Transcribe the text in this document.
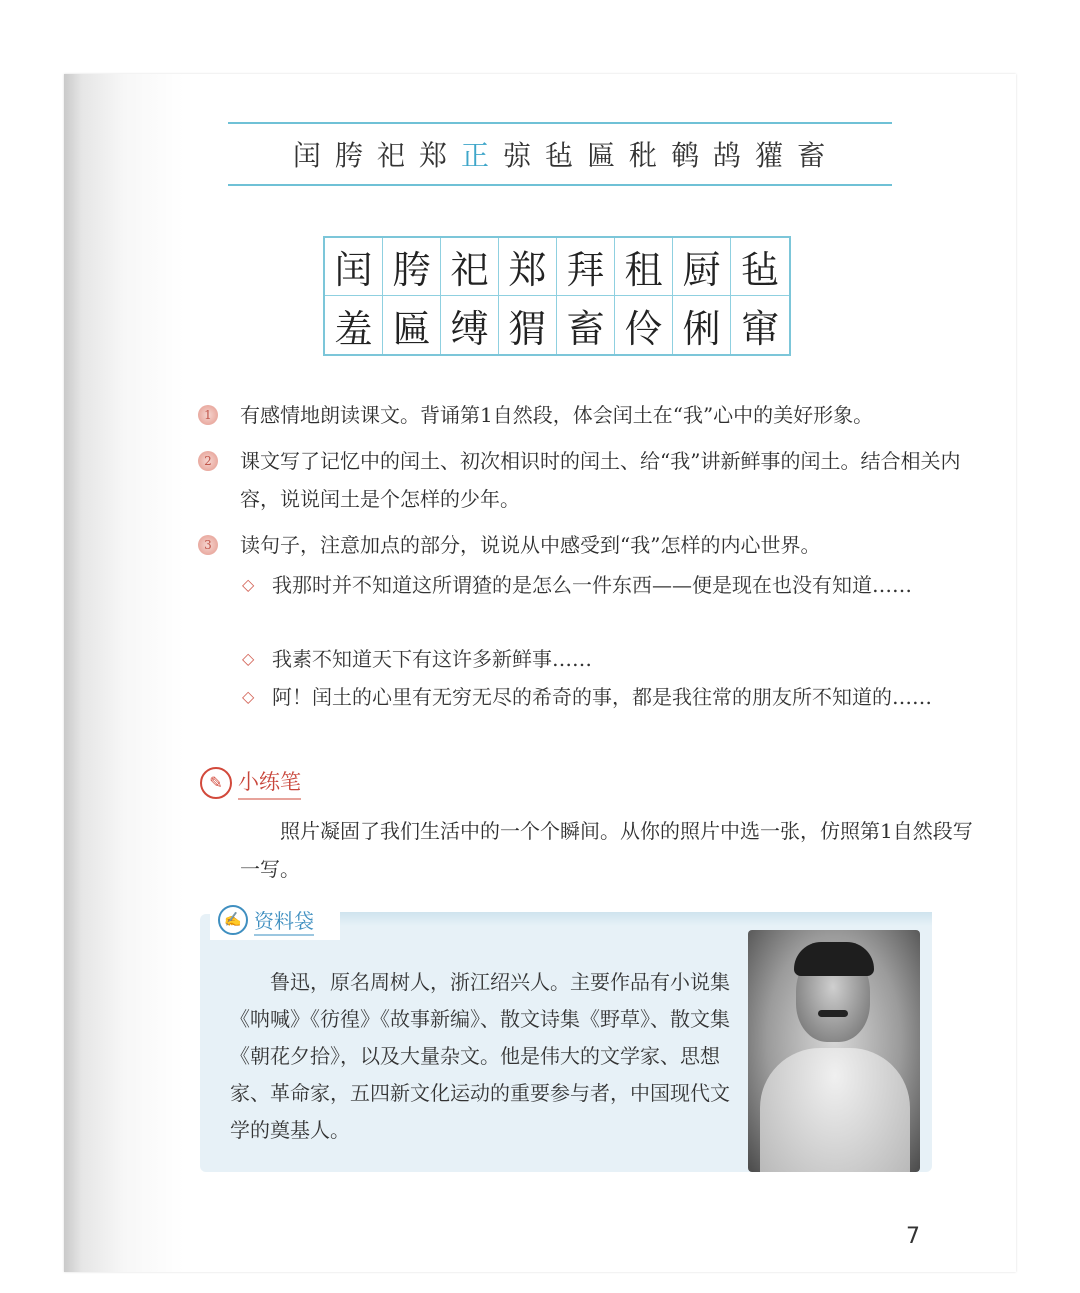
闰 胯 祀 郑 正 弶 毡 匾 秕 鹌 鸪 獾 畜
闰 胯 祀 郑 拜 租 厨 毡
羞 匾 缚 猬 畜 伶 俐 窜
1	有感情地朗读课文。背诵第1自然段，体会闰土在“我”心中的美好形象。
2	课文写了记忆中的闰土、初次相识时的闰土、给“我”讲新鲜事的闰土。结合相关内容，说说闰土是个怎样的少年。
3	读句子，注意加点的部分，说说从中感受到“我”怎样的内心世界。
◇ 我那时并不知道这所谓猹的是怎么一件东西——便是现在也没有知道……
◇ 我素不知道天下有这许多新鲜事……
◇ 阿！闰土的心里有无穷无尽的希奇的事，都是我往常的朋友所不知道的……
✎ 小练笔
照片凝固了我们生活中的一个个瞬间。从你的照片中选一张，仿照第1自然段写一写。
✍ 资料袋
鲁迅，原名周树人，浙江绍兴人。主要作品有小说集《呐喊》《彷徨》《故事新编》、散文诗集《野草》、散文集《朝花夕拾》，以及大量杂文。他是伟大的文学家、思想家、革命家，五四新文化运动的重要参与者，中国现代文学的奠基人。
7
